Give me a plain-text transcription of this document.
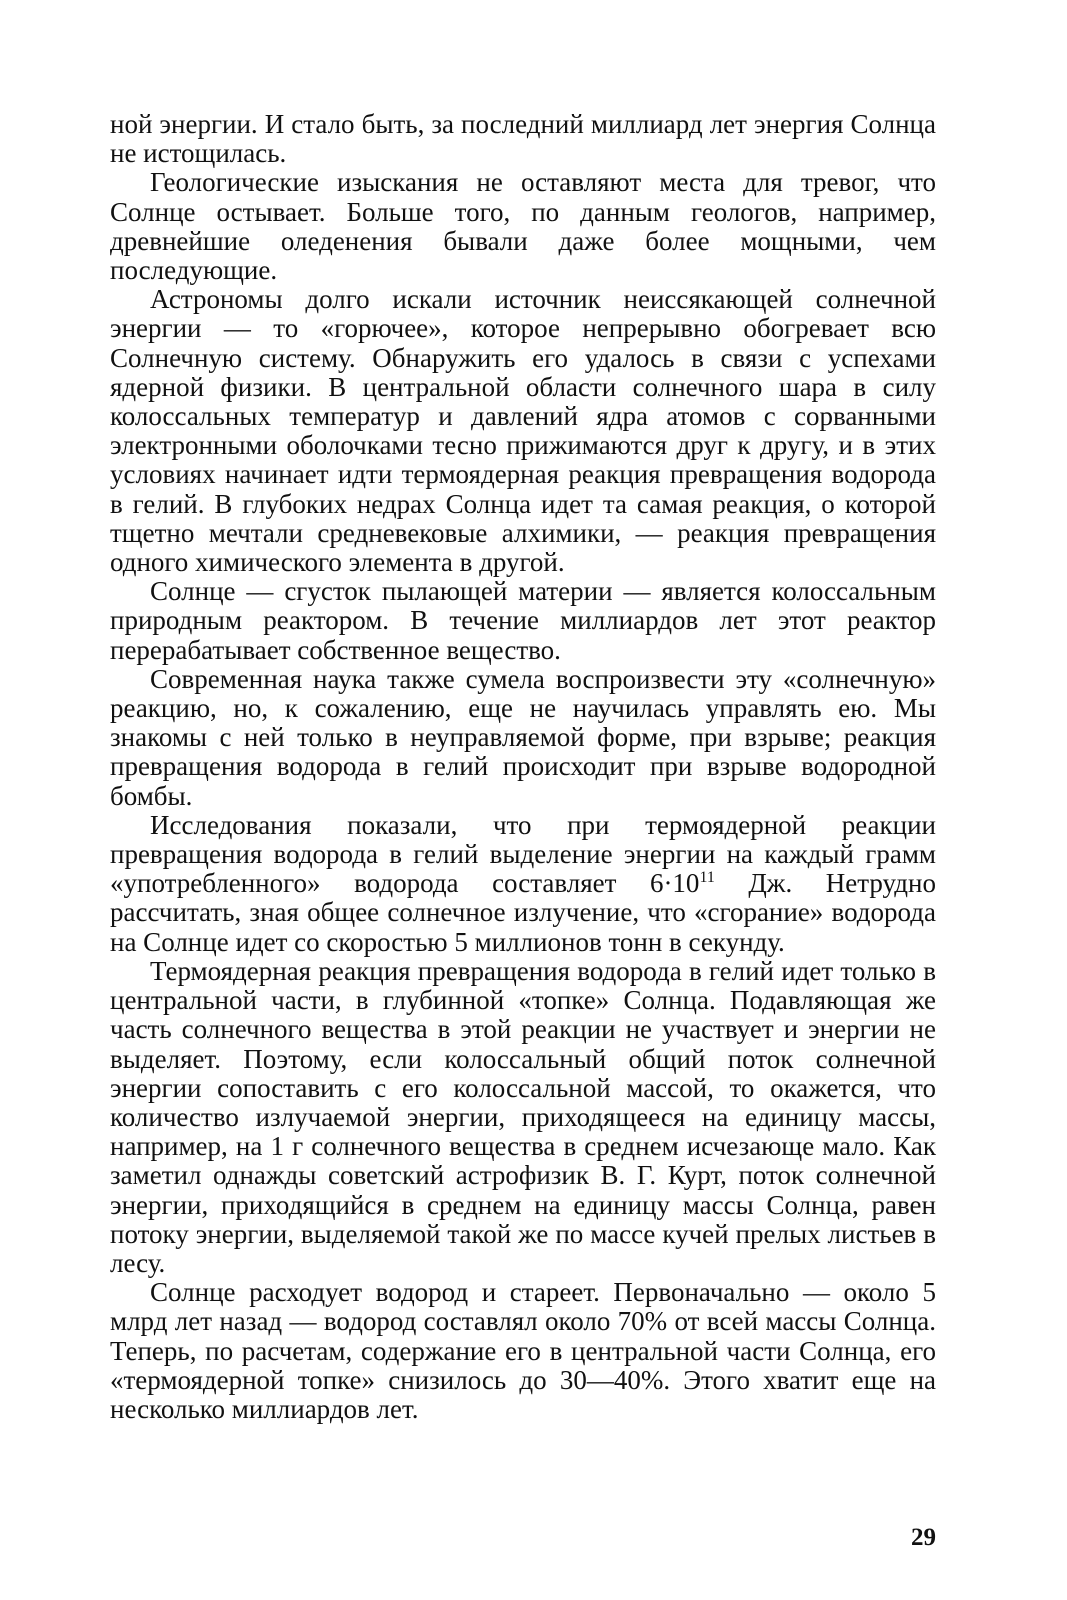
ной энергии. И стало быть, за последний миллиард лет энергия Солнца не истощилась.

Геологические изыскания не оставляют места для тревог, что Солнце остывает. Больше того, по данным геологов, например, древнейшие оледенения бывали даже более мощными, чем последующие.

Астрономы долго искали источник неиссякающей солнечной энергии — то «горючее», которое непрерывно обогревает всю Солнечную систему. Обнаружить его удалось в связи с успехами ядерной физики. В центральной области солнечного шара в силу колоссальных температур и давлений ядра атомов с сорванными электронными оболочками тесно прижимаются друг к другу, и в этих условиях начинает идти термоядерная реакция превращения водорода в гелий. В глубоких недрах Солнца идет та самая реакция, о которой тщетно мечтали средневековые алхимики, — реакция превращения одного химического элемента в другой.

Солнце — сгусток пылающей материи — является колоссальным природным реактором. В течение миллиардов лет этот реактор перерабатывает собственное вещество.

Современная наука также сумела воспроизвести эту «солнечную» реакцию, но, к сожалению, еще не научилась управлять ею. Мы знакомы с ней только в неуправляемой форме, при взрыве; реакция превращения водорода в гелий происходит при взрыве водородной бомбы.

Исследования показали, что при термоядерной реакции превращения водорода в гелий выделение энергии на каждый грамм «употребленного» водорода составляет $6\cdot 10^{11}$ Дж. Нетрудно рассчитать, зная общее солнечное излучение, что «сгорание» водорода на Солнце идет со скоростью 5 миллионов тонн в секунду.

Термоядерная реакция превращения водорода в гелий идет только в центральной части, в глубинной «топке» Солнца. Подавляющая же часть солнечного вещества в этой реакции не участвует и энергии не выделяет. Поэтому, если колоссальный общий поток солнечной энергии сопоставить с его колоссальной массой, то окажется, что количество излучаемой энергии, приходящееся на единицу массы, например, на 1 г солнечного вещества в среднем исчезающе мало. Как заметил однажды советский астрофизик В. Г. Курт, поток солнечной энергии, приходящийся в среднем на единицу массы Солнца, равен потоку энергии, выделяемой такой же по массе кучей прелых листьев в лесу.

Солнце расходует водород и стареет. Первоначально — около 5 млрд лет назад — водород составлял около 70% от всей массы Солнца. Теперь, по расчетам, содержание его в центральной части Солнца, его «термоядерной топке» снизилось до 30—40%. Этого хватит еще на несколько миллиардов лет.

29
